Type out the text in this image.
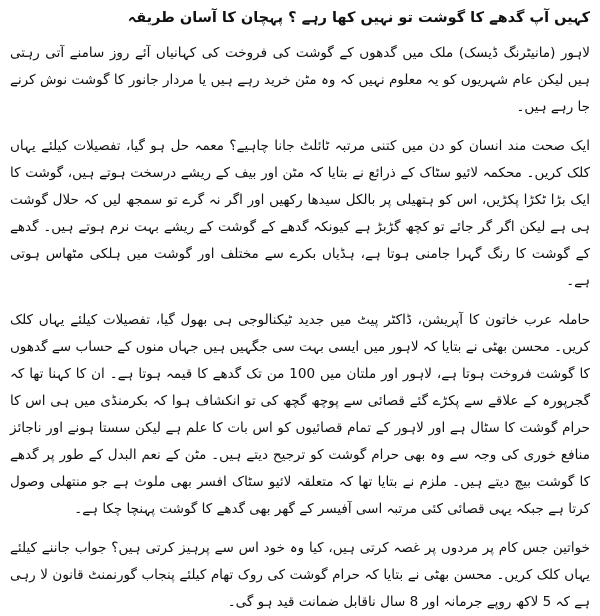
کہیں آپ گدھے کا گوشت تو نہیں کھا رہے ؟ پہچان کا آسان طریقہ

لاہور (مانیٹرنگ ڈیسک) ملک میں گدھوں کے گوشت کی فروخت کی کہانیاں آئے روز سامنے آتی رہتی ہیں لیکن عام شہریوں کو یہ معلوم نہیں کہ وہ مٹن خرید رہے ہیں یا مردار جانور کا گوشت نوش کرنے جا رہے ہیں۔

ایک صحت مند انسان کو دن میں کتنی مرتبہ ٹائلٹ جانا چاہیے؟ معمہ حل ہو گیا، تفصیلات کیلئے یہاں کلک کریں۔ محکمہ لائیو سٹاک کے ذرائع نے بتایا کہ مٹن اور بیف کے ریشے درسخت ہوتے ہیں، گوشت کا ایک بڑا ٹکڑا پکڑیں، اس کو ہتھیلی پر بالکل سیدھا رکھیں اور اگر نہ گرے تو سمجھ لیں کہ حلال گوشت ہی ہے لیکن اگر گر جائے تو کچھ گڑبڑ ہے کیونکہ گدھے کے گوشت کے ریشے بہت نرم ہوتے ہیں۔ گدھے کے گوشت کا رنگ گہرا جامنی ہوتا ہے، ہڈیاں بکرے سے مختلف اور گوشت میں ہلکی مٹھاس ہوتی ہے۔

حاملہ عرب خاتون کا آپریشن، ڈاکٹر پیٹ میں جدید ٹیکنالوجی ہی بھول گیا، تفصیلات کیلئے یہاں کلک کریں۔ محسن بھٹی نے بتایا کہ لاہور میں ایسی بہت سی جگہیں ہیں جہاں منوں کے حساب سے گدھوں کا گوشت فروخت ہوتا ہے، لاہور اور ملتان میں 100 من تک گدھے کا قیمہ ہوتا ہے۔ ان کا کہنا تھا کہ گجرپورہ کے علاقے سے پکڑے گئے قصائی سے پوچھ گچھ کی تو انکشاف ہوا کہ بکرمنڈی میں ہی اس کا حرام گوشت کا سٹال ہے اور لاہور کے تمام قصائیوں کو اس بات کا علم ہے لیکن سستا ہونے اور ناجائز منافع خوری کی وجہ سے وہ بھی حرام گوشت کو ترجیح دیتے ہیں۔ مٹن کے نعم البدل کے طور پر گدھے کا گوشت بیچ دیتے ہیں۔ ملزم نے بتایا تھا کہ متعلقہ لائیو سٹاک افسر بھی ملوث ہے جو منتھلی وصول کرتا ہے جبکہ یہی قصائی کئی مرتبہ اسی آفیسر کے گھر بھی گدھے کا گوشت پہنچا چکا ہے۔

خواتین جس کام پر مردوں پر غصہ کرتی ہیں، کیا وہ خود اس سے پرہیز کرتی ہیں؟ جواب جاننے کیلئے یہاں کلک کریں۔ محسن بھٹی نے بتایا کہ حرام گوشت کی روک تھام کیلئے پنجاب گورنمنٹ قانون لا رہی ہے کہ 5 لاکھ روپے جرمانہ اور 8 سال ناقابل ضمانت قید ہو گی۔
